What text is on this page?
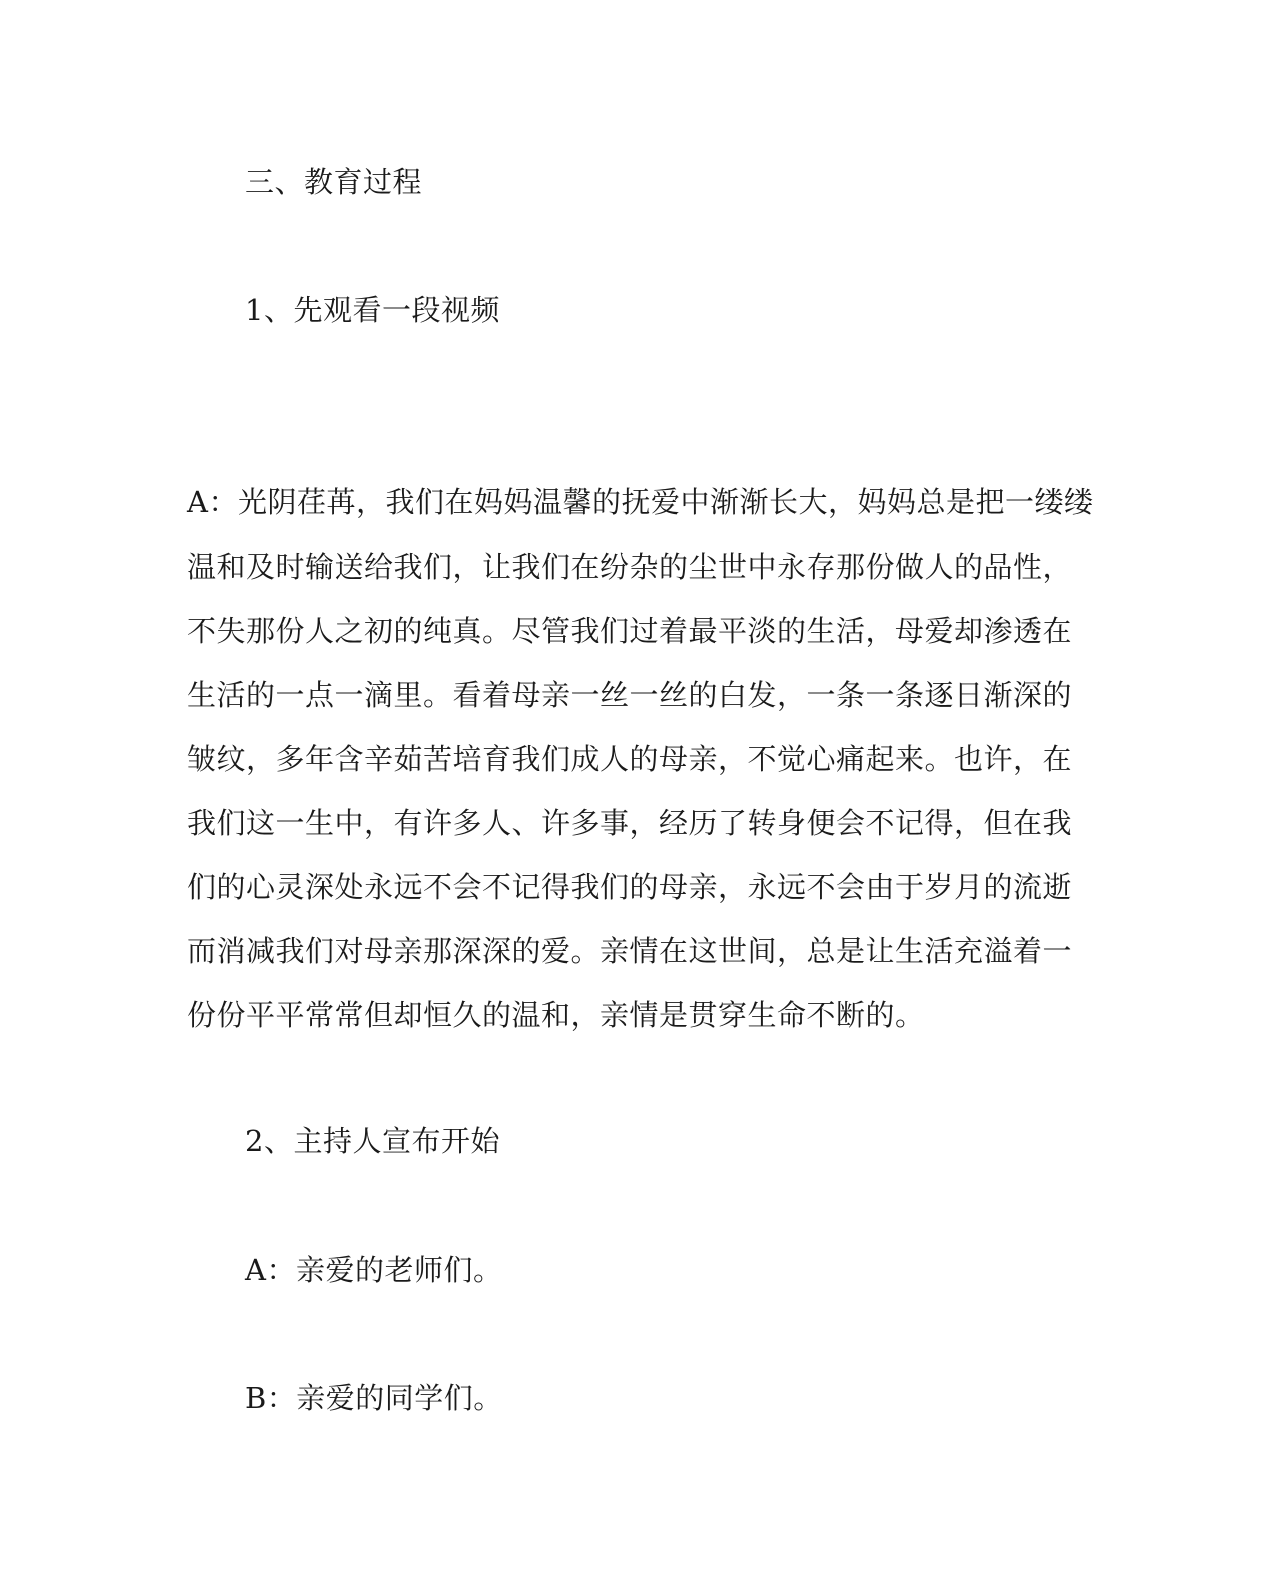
三、教育过程
1、先观看一段视频
A：光阴荏苒，我们在妈妈温馨的抚爱中渐渐长大，妈妈总是把一缕缕
温和及时输送给我们，让我们在纷杂的尘世中永存那份做人的品性，
不失那份人之初的纯真。尽管我们过着最平淡的生活，母爱却渗透在
生活的一点一滴里。看着母亲一丝一丝的白发，一条一条逐日渐深的
皱纹，多年含辛茹苦培育我们成人的母亲，不觉心痛起来。也许，在
我们这一生中，有许多人、许多事，经历了转身便会不记得，但在我
们的心灵深处永远不会不记得我们的母亲，永远不会由于岁月的流逝
而消减我们对母亲那深深的爱。亲情在这世间，总是让生活充溢着一
份份平平常常但却恒久的温和，亲情是贯穿生命不断的。
2、主持人宣布开始
A：亲爱的老师们。
B：亲爱的同学们。
